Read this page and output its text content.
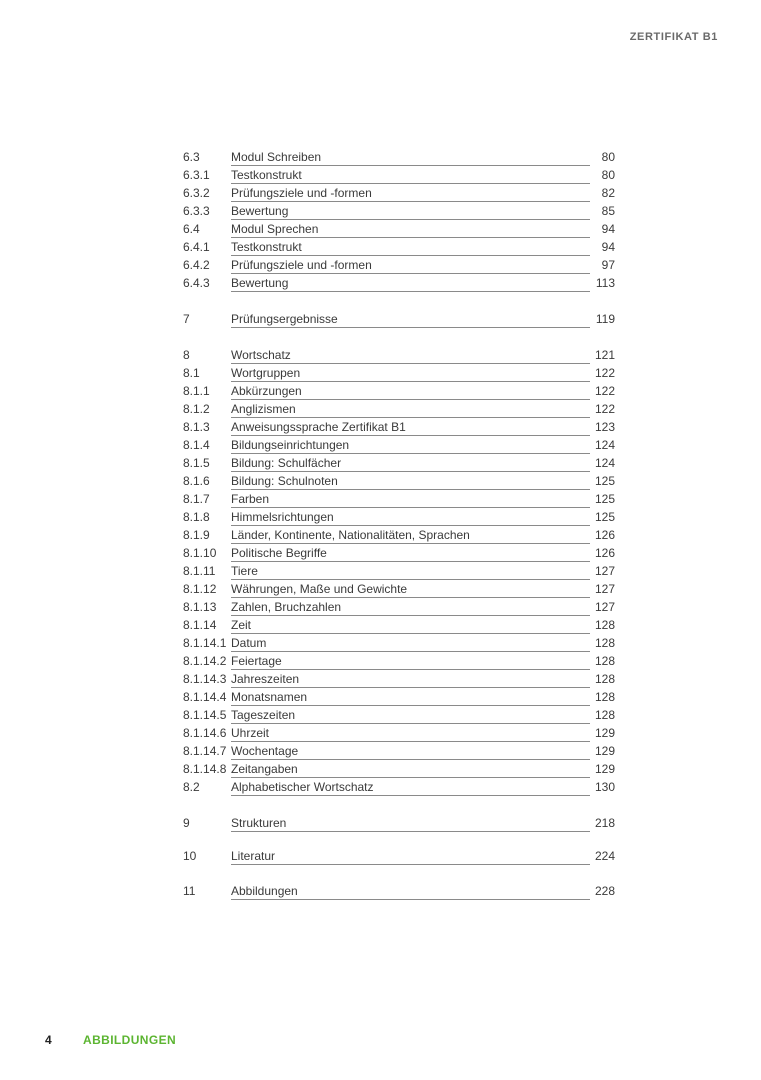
ZERTIFIKAT B1
6.3	Modul Schreiben	80
6.3.1 Testkonstrukt	80
6.3.2 Prüfungsziele und -formen	82
6.3.3 Bewertung	85
6.4	Modul Sprechen	94
6.4.1 Testkonstrukt	94
6.4.2 Prüfungsziele und -formen	97
6.4.3 Bewertung	113
7	Prüfungsergebnisse	119
8	Wortschatz	121
8.1	Wortgruppen	122
8.1.1 Abkürzungen	122
8.1.2 Anglizismen	122
8.1.3 Anweisungssprache Zertifikat B1	123
8.1.4 Bildungseinrichtungen	124
8.1.5 Bildung: Schulfächer	124
8.1.6 Bildung: Schulnoten	125
8.1.7 Farben	125
8.1.8 Himmelsrichtungen	125
8.1.9 Länder, Kontinente, Nationalitäten, Sprachen	126
8.1.10 Politische Begriffe	126
8.1.11 Tiere	127
8.1.12 Währungen, Maße und Gewichte	127
8.1.13 Zahlen, Bruchzahlen	127
8.1.14 Zeit	128
8.1.14.1 Datum	128
8.1.14.2 Feiertage	128
8.1.14.3 Jahreszeiten	128
8.1.14.4 Monatsnamen	128
8.1.14.5 Tageszeiten	128
8.1.14.6 Uhrzeit	129
8.1.14.7 Wochentage	129
8.1.14.8 Zeitangaben	129
8.2	Alphabetischer Wortschatz	130
9	Strukturen	218
10	Literatur	224
11	Abbildungen	228
4	ABBILDUNGEN
